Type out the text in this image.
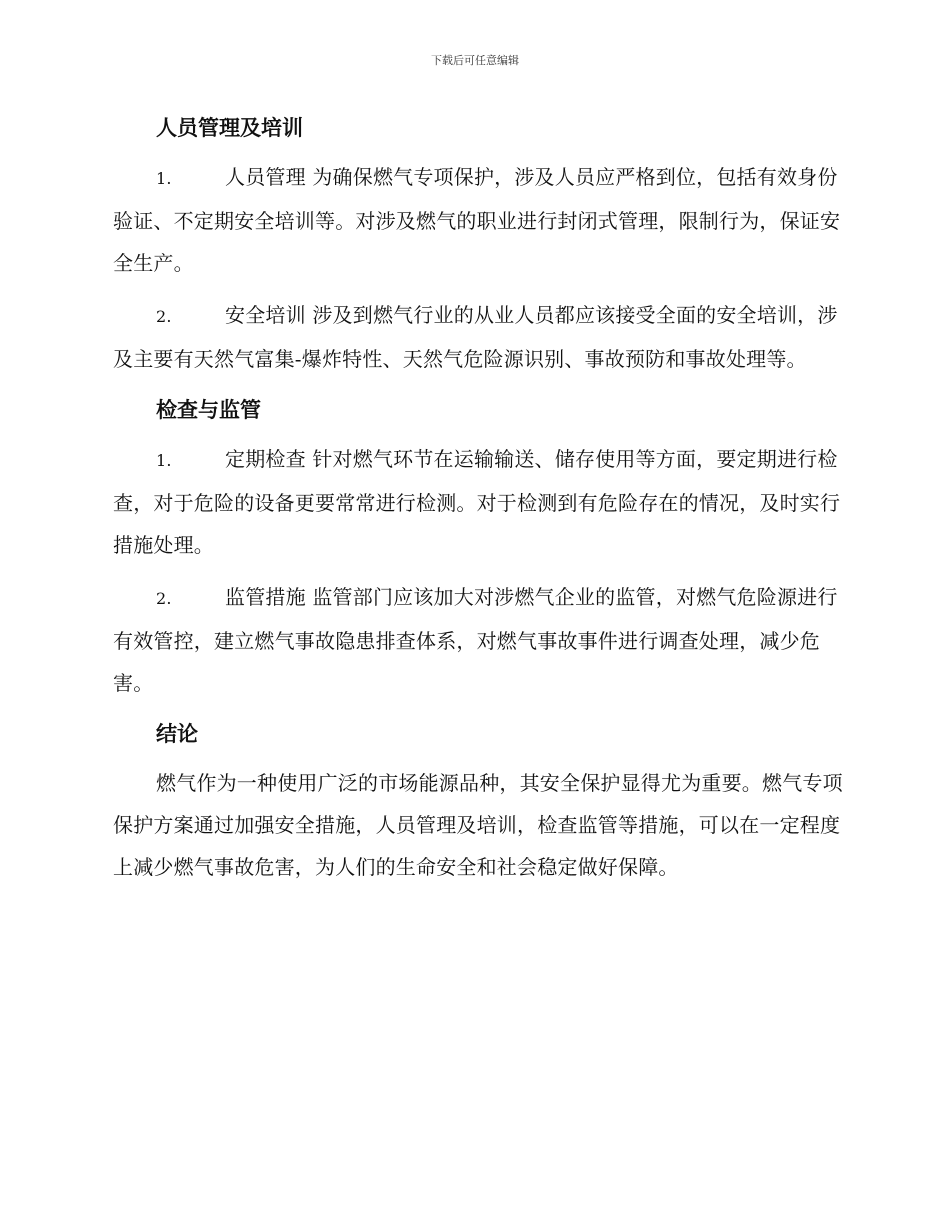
下载后可任意编辑
人员管理及培训

1.	人员管理 为确保燃气专项保护，涉及人员应严格到位，包括有效身份验证、不定期安全培训等。对涉及燃气的职业进行封闭式管理，限制行为，保证安全生产。

2.	安全培训 涉及到燃气行业的从业人员都应该接受全面的安全培训，涉及主要有天然气富集-爆炸特性、天然气危险源识别、事故预防和事故处理等。

检查与监管

1.	定期检查 针对燃气环节在运输输送、储存使用等方面，要定期进行检查，对于危险的设备更要常常进行检测。对于检测到有危险存在的情况，及时实行措施处理。

2.	监管措施 监管部门应该加大对涉燃气企业的监管，对燃气危险源进行有效管控，建立燃气事故隐患排查体系，对燃气事故事件进行调查处理，减少危害。

结论

燃气作为一种使用广泛的市场能源品种，其安全保护显得尤为重要。燃气专项保护方案通过加强安全措施，人员管理及培训，检查监管等措施，可以在一定程度上减少燃气事故危害，为人们的生命安全和社会稳定做好保障。
